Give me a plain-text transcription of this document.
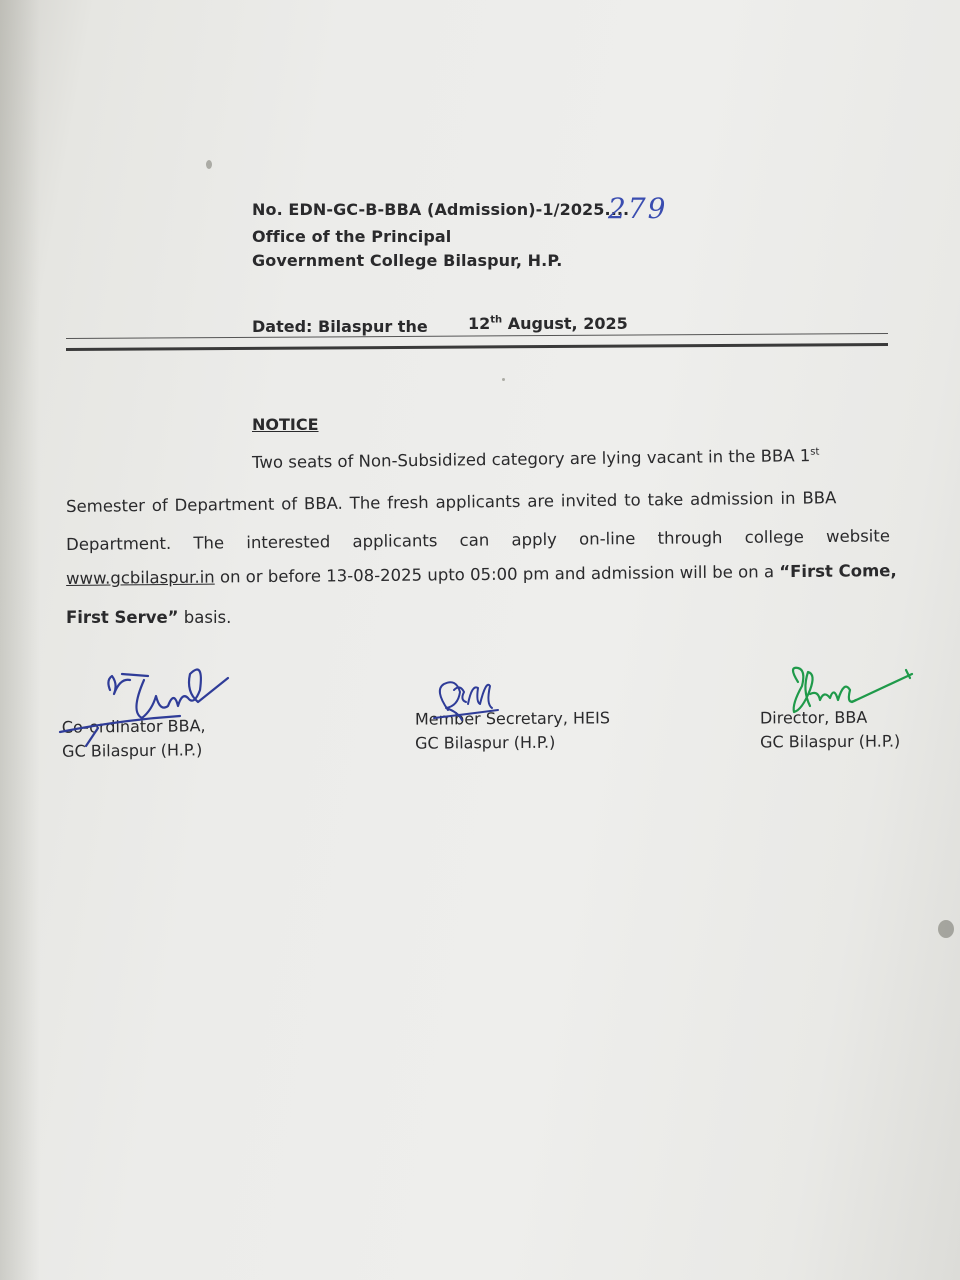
No. EDN-GC-B-BBA (Admission)-1/2025....
279
Office of the Principal
Government College Bilaspur, H.P.
Dated: Bilaspur the	12th August, 2025
NOTICE
Two seats of Non-Subsidized category are lying vacant in the BBA 1st
Semester of Department of BBA. The fresh applicants are invited to take admission in BBA
Department. The interested applicants can apply on-line through college website
www.gcbilaspur.in on or before 13-08-2025 upto 05:00 pm and admission will be on a “First Come,
First Serve” basis.
Co-ordinator BBA,
GC Bilaspur (H.P.)
Member Secretary, HEIS
GC Bilaspur (H.P.)
Director, BBA
GC Bilaspur (H.P.)
